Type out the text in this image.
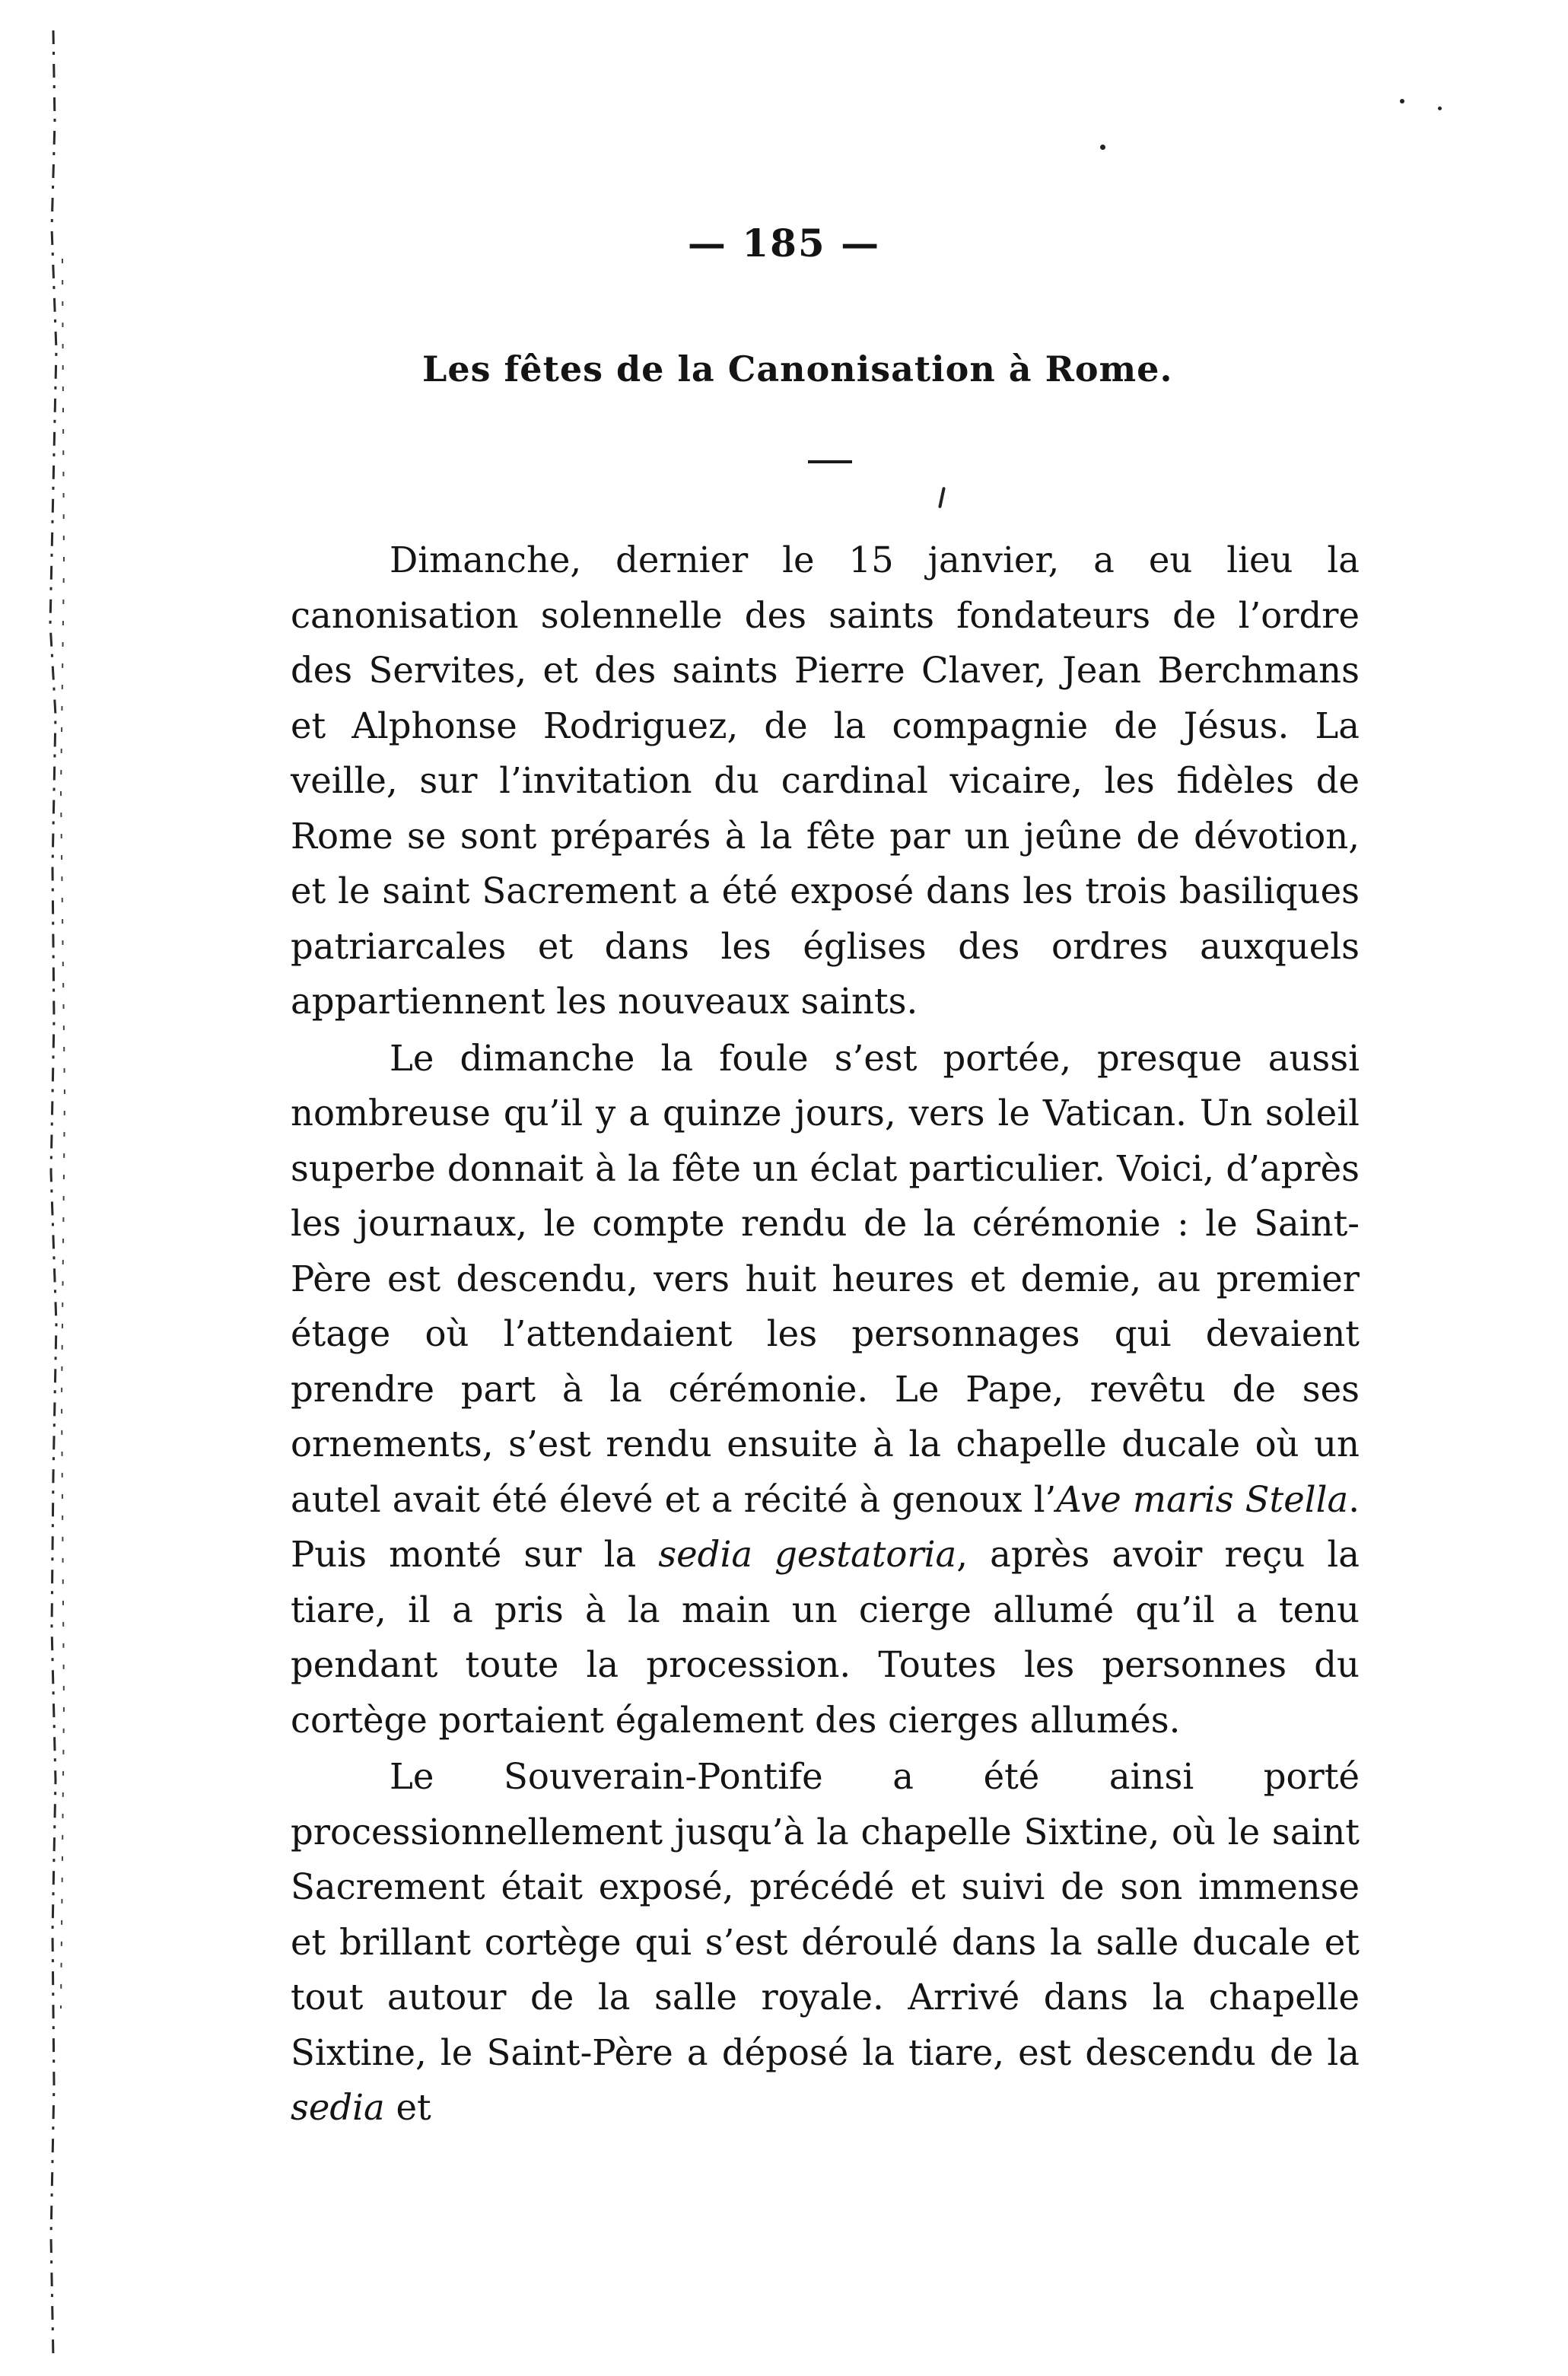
— 185 —
Les fêtes de la Canonisation à Rome.

Dimanche, dernier le 15 janvier, a eu lieu la canonisation solennelle des saints fondateurs de l’ordre des Servites, et des saints Pierre Claver, Jean Berchmans et Alphonse Rodriguez, de la compagnie de Jésus. La veille, sur l’invitation du cardinal vicaire, les fidèles de Rome se sont préparés à la fête par un jeûne de dévotion, et le saint Sacrement a été exposé dans les trois basiliques patriarcales et dans les églises des ordres auxquels appartiennent les nouveaux saints.

Le dimanche la foule s’est portée, presque aussi nombreuse qu’il y a quinze jours, vers le Vatican. Un soleil superbe donnait à la fête un éclat particulier. Voici, d’après les journaux, le compte rendu de la cérémonie : le Saint-Père est descendu, vers huit heures et demie, au premier étage où l’attendaient les personnages qui devaient prendre part à la cérémonie. Le Pape, revêtu de ses ornements, s’est rendu ensuite à la chapelle ducale où un autel avait été élevé et a récité à genoux l’Ave maris Stella. Puis monté sur la sedia gestatoria, après avoir reçu la tiare, il a pris à la main un cierge allumé qu’il a tenu pendant toute la procession. Toutes les personnes du cortège portaient également des cierges allumés.

Le Souverain-Pontife a été ainsi porté processionnellement jusqu’à la chapelle Sixtine, où le saint Sacrement était exposé, précédé et suivi de son immense et brillant cortège qui s’est déroulé dans la salle ducale et tout autour de la salle royale. Arrivé dans la chapelle Sixtine, le Saint-Père a déposé la tiare, est descendu de la sedia et
